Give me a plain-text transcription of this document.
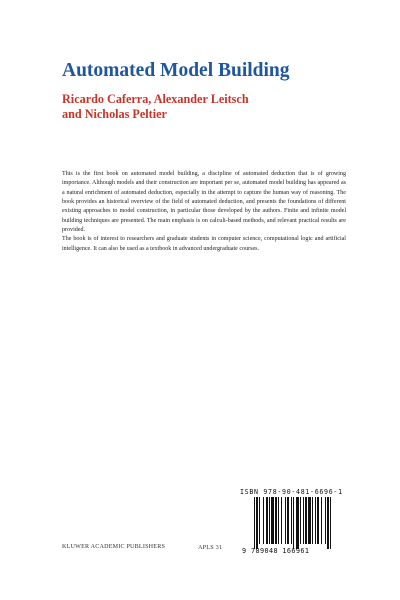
Automated Model Building
Ricardo Caferra, Alexander Leitsch
and Nicholas Peltier

This is the first book on automated model building, a discipline of automated deduction that is of growing importance. Although models and their construction are important per se, automated model building has appeared as a natural enrichment of automated deduction, especially in the attempt to capture the human way of reasoning. The book provides an historical overview of the field of automated deduction, and presents the foundations of different existing approaches to model construction, in particular those developed by the authors. Finite and infinite model building techniques are presented. The main emphasis is on calculi-based methods, and relevant practical results are provided.

The book is of interest to researchers and graduate students in computer science, computational logic and artificial intelligence. It can also be used as a textbook in advanced undergraduate courses.

ISBN 978-90-481-6696-1
9 789048 166961
KLUWER ACADEMIC PUBLISHERS	APLS 31
